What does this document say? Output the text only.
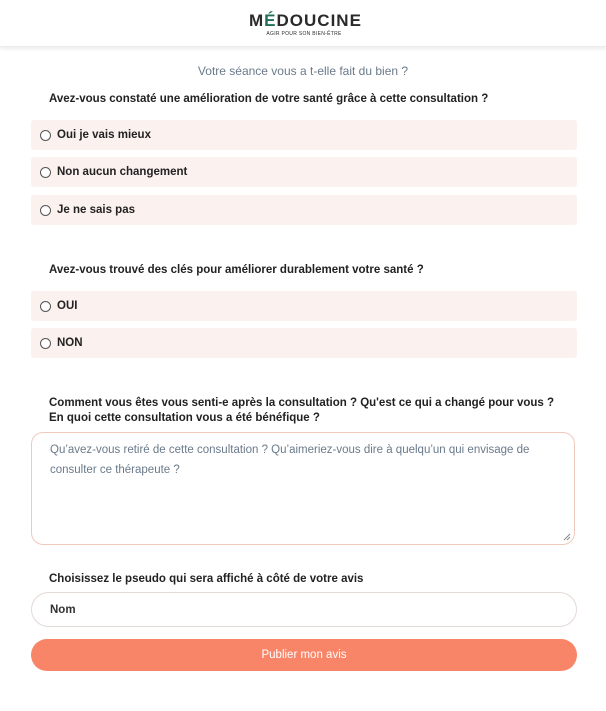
MÉDOUCINE
AGIR POUR SON BIEN-ÊTRE
Votre séance vous a t-elle fait du bien ?
Avez-vous constaté une amélioration de votre santé grâce à cette consultation ?
Oui je vais mieux
Non aucun changement
Je ne sais pas
Avez-vous trouvé des clés pour améliorer durablement votre santé ?
OUI
NON
Comment vous êtes vous senti-e après la consultation ? Qu'est ce qui a changé pour vous ? En quoi cette consultation vous a été bénéfique ?
Qu’avez-vous retiré de cette consultation ? Qu’aimeriez-vous dire à quelqu’un qui envisage de consulter ce thérapeute ?
Choisissez le pseudo qui sera affiché à côté de votre avis
Nom
Publier mon avis
